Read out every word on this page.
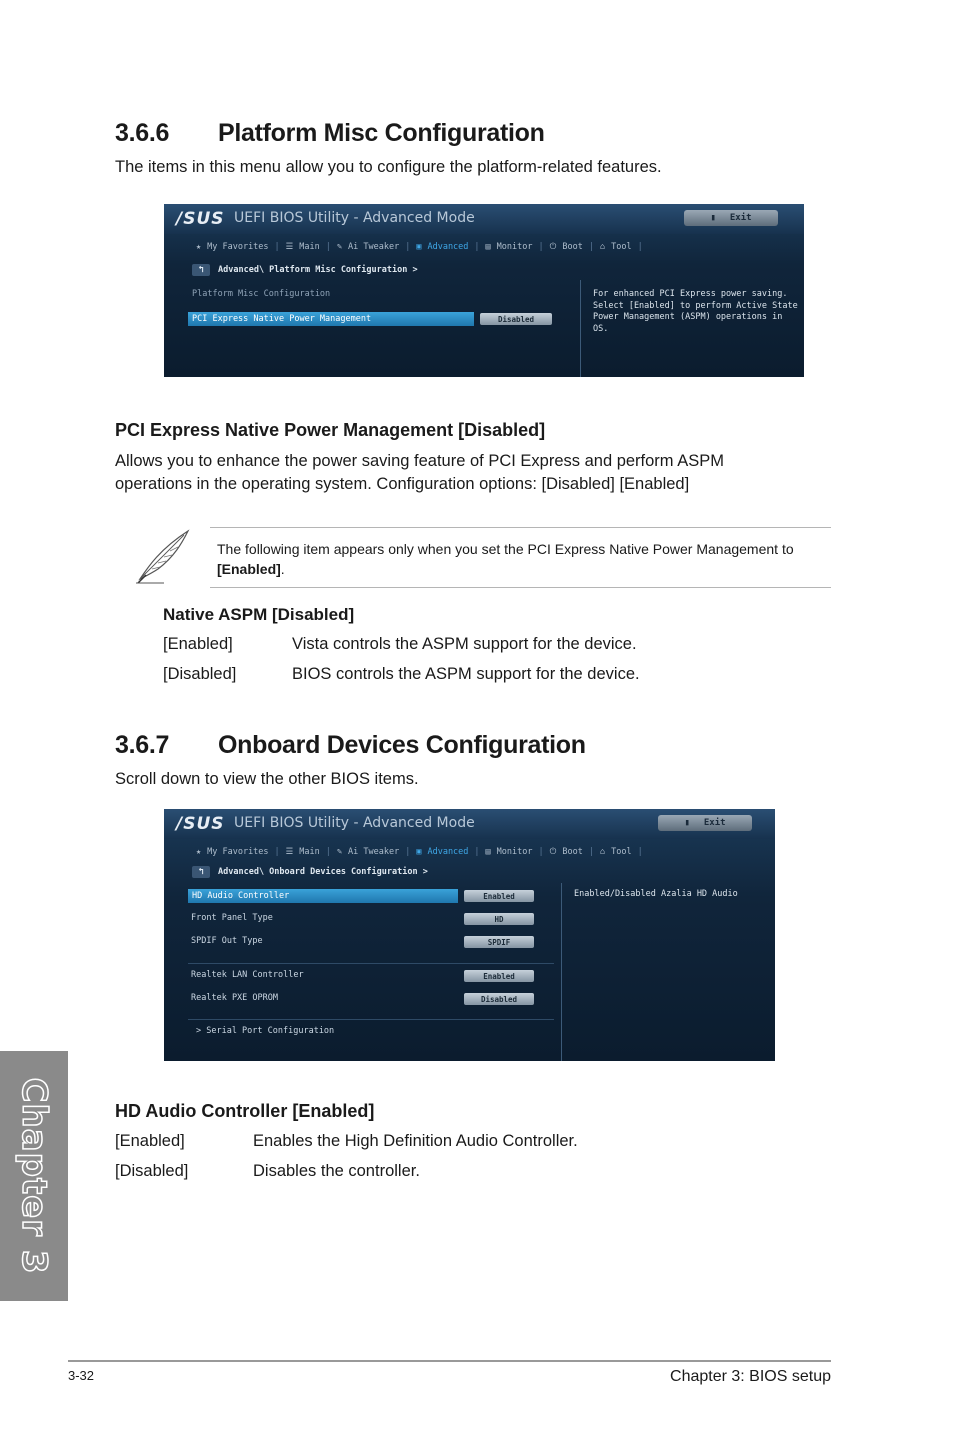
3.6.6 Platform Misc Configuration
The items in this menu allow you to configure the platform-related features.
/SUS UEFI BIOS Utility - Advanced Mode	▮ Exit
★ My Favorites | ☰ Main | ✎ Ai Tweaker | ▣ Advanced | ▤ Monitor | ⏻ Boot | ⌂ Tool |
↰	Advanced\ Platform Misc Configuration >
Platform Misc Configuration
PCI Express Native Power Management	Disabled
For enhanced PCI Express power saving. Select [Enabled] to perform Active State Power Management (ASPM) operations in OS.
PCI Express Native Power Management [Disabled]
Allows you to enhance the power saving feature of PCI Express and perform ASPM operations in the operating system. Configuration options: [Disabled] [Enabled]
The following item appears only when you set the PCI Express Native Power Management to [Enabled].
Native ASPM [Disabled]
[Enabled]	Vista controls the ASPM support for the device.
[Disabled]	BIOS controls the ASPM support for the device.
3.6.7 Onboard Devices Configuration
Scroll down to view the other BIOS items.
/SUS UEFI BIOS Utility - Advanced Mode	▮ Exit
★ My Favorites | ☰ Main | ✎ Ai Tweaker | ▣ Advanced | ▤ Monitor | ⏻ Boot | ⌂ Tool |
↰	Advanced\ Onboard Devices Configuration >
HD Audio Controller	Enabled
Front Panel Type	HD
SPDIF Out Type	SPDIF
Realtek LAN Controller	Enabled
Realtek PXE OPROM	Disabled
> Serial Port Configuration
Enabled/Disabled Azalia HD Audio
HD Audio Controller [Enabled]
[Enabled]	Enables the High Definition Audio Controller.
[Disabled]	Disables the controller.
Chapter 3
3-32	Chapter 3: BIOS setup
